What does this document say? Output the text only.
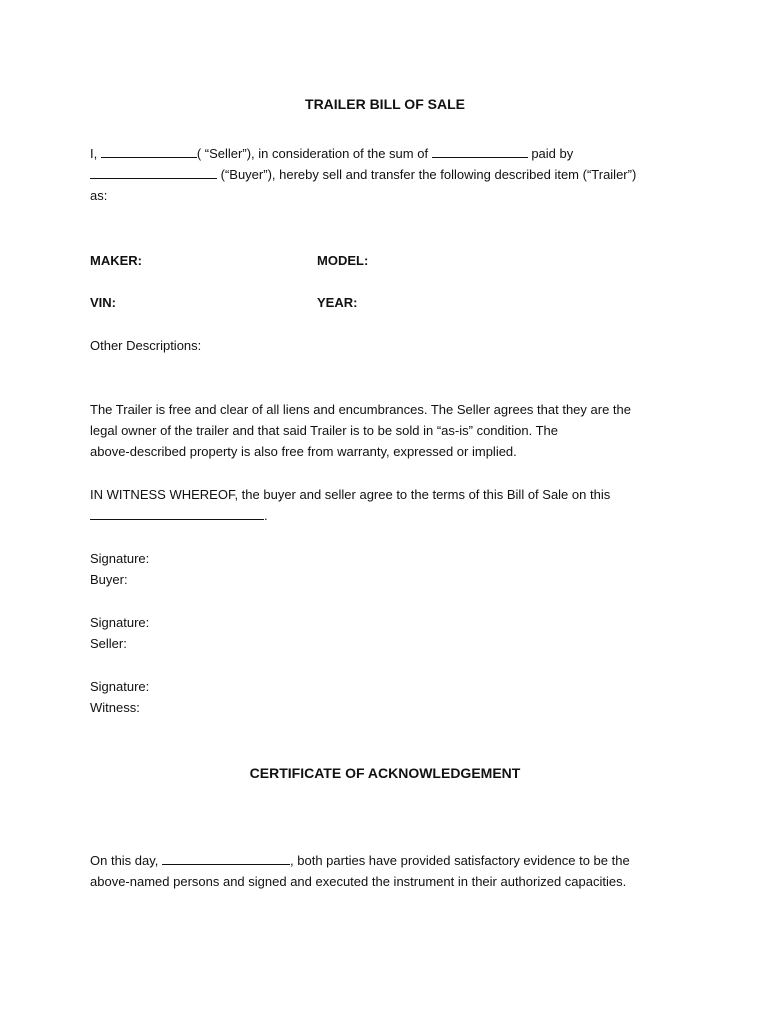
TRAILER BILL OF SALE
I,	( “Seller”), in consideration of the sum of	paid by
(“Buyer”), hereby sell and transfer the following described item (“Trailer”)
as:
MAKER:	MODEL:
VIN:	YEAR:
Other Descriptions:
The Trailer is free and clear of all liens and encumbrances. The Seller agrees that they are the
legal owner of the trailer and that said Trailer is to be sold in “as-is” condition. The
above-described property is also free from warranty, expressed or implied.
IN WITNESS WHEREOF, the buyer and seller agree to the terms of this Bill of Sale on this
.
Signature:
Buyer:
Signature:
Seller:
Signature:
Witness:
CERTIFICATE OF ACKNOWLEDGEMENT
On this day,	, both parties have provided satisfactory evidence to be the
above-named persons and signed and executed the instrument in their authorized capacities.
